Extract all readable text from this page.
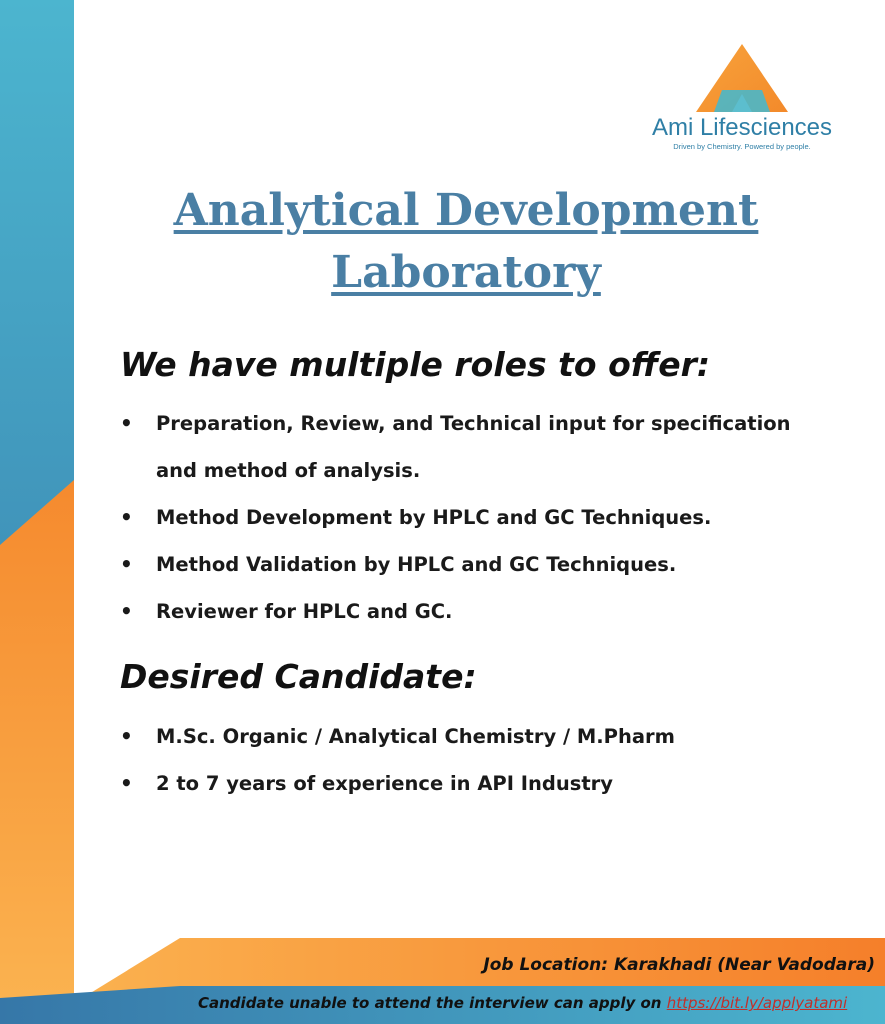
Ami Lifesciences
Driven by Chemistry. Powered by people.
Analytical Development
Laboratory
We have multiple roles to offer:
• Preparation, Review, and Technical input for specification and method of analysis.
• Method Development by HPLC and GC Techniques.
• Method Validation by HPLC and GC Techniques.
• Reviewer for HPLC and GC.
Desired Candidate:
• M.Sc. Organic / Analytical Chemistry / M.Pharm
• 2 to 7 years of experience in API Industry
Job Location: Karakhadi (Near Vadodara)
Candidate unable to attend the interview can apply on https://bit.ly/applyatami
